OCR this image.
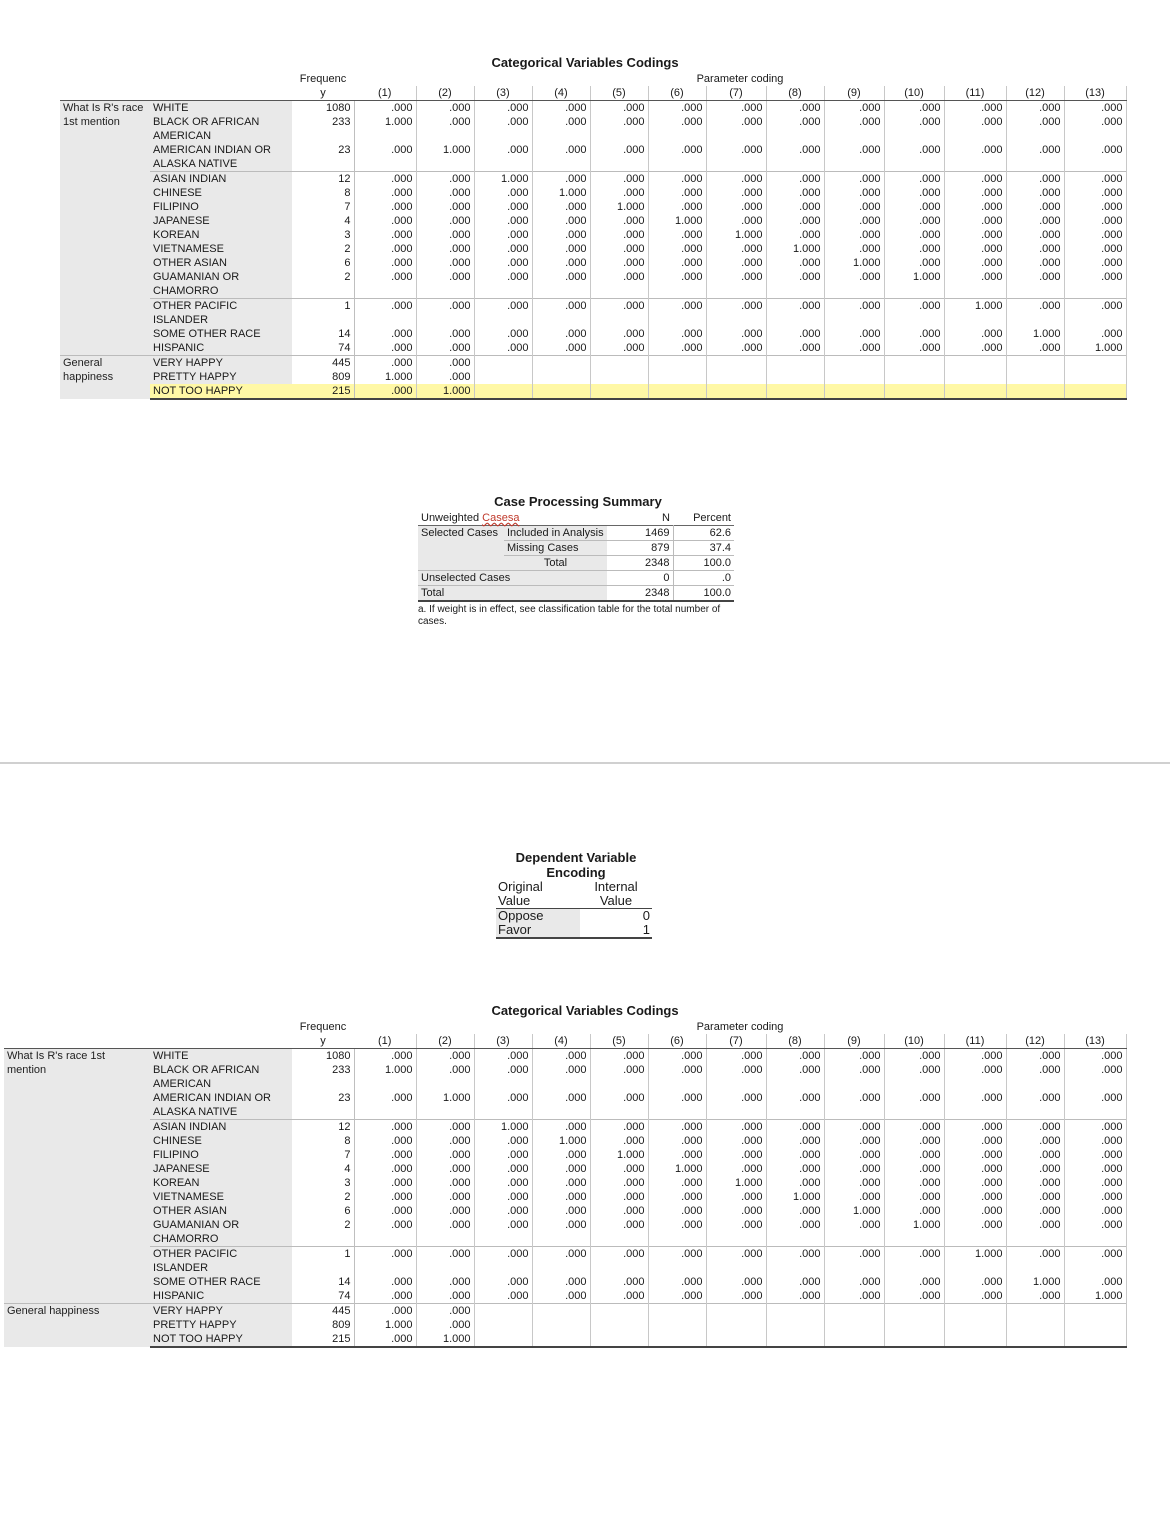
Categorical Variables Codings

		Frequenc
y	Parameter coding												
			(1)	(2)	(3)	(4)	(5)	(6)	(7)	(8)	(9)	(10)	(11)	(12)	(13)
What Is R's race 1st mention	WHITE	1080	.000	.000	.000	.000	.000	.000	.000	.000	.000	.000	.000	.000	.000
	BLACK OR AFRICAN AMERICAN	233	1.000	.000	.000	.000	.000	.000	.000	.000	.000	.000	.000	.000	.000
	AMERICAN INDIAN OR ALASKA NATIVE	23	.000	1.000	.000	.000	.000	.000	.000	.000	.000	.000	.000	.000	.000
	ASIAN INDIAN	12	.000	.000	1.000	.000	.000	.000	.000	.000	.000	.000	.000	.000	.000
	CHINESE	8	.000	.000	.000	1.000	.000	.000	.000	.000	.000	.000	.000	.000	.000
	FILIPINO	7	.000	.000	.000	.000	1.000	.000	.000	.000	.000	.000	.000	.000	.000
	JAPANESE	4	.000	.000	.000	.000	.000	1.000	.000	.000	.000	.000	.000	.000	.000
	KOREAN	3	.000	.000	.000	.000	.000	.000	1.000	.000	.000	.000	.000	.000	.000
	VIETNAMESE	2	.000	.000	.000	.000	.000	.000	.000	1.000	.000	.000	.000	.000	.000
	OTHER ASIAN	6	.000	.000	.000	.000	.000	.000	.000	.000	1.000	.000	.000	.000	.000
	GUAMANIAN OR CHAMORRO	2	.000	.000	.000	.000	.000	.000	.000	.000	.000	1.000	.000	.000	.000
	OTHER PACIFIC ISLANDER	1	.000	.000	.000	.000	.000	.000	.000	.000	.000	.000	1.000	.000	.000
	SOME OTHER RACE	14	.000	.000	.000	.000	.000	.000	.000	.000	.000	.000	.000	1.000	.000
	HISPANIC	74	.000	.000	.000	.000	.000	.000	.000	.000	.000	.000	.000	.000	1.000
General happiness	VERY HAPPY	445	.000	.000											
	PRETTY HAPPY	809	1.000	.000											
	NOT TOO HAPPY	215	.000	1.000											
Case Processing Summary
Unweighted Casesa		N	Percent
Selected Cases	Included in Analysis	1469	62.6
	Missing Cases	879	37.4
	Total	2348	100.0
Unselected Cases		0	.0
Total		2348	100.0
a. If weight is in effect, see classification table for the total number of cases.
Dependent Variable
Encoding
Original Value	Internal Value
Oppose	0
Favor	1
Categorical Variables Codings

		Frequenc
y	Parameter coding												
			(1)	(2)	(3)	(4)	(5)	(6)	(7)	(8)	(9)	(10)	(11)	(12)	(13)
What Is R's race 1st mention	WHITE	1080	.000	.000	.000	.000	.000	.000	.000	.000	.000	.000	.000	.000	.000
	BLACK OR AFRICAN AMERICAN	233	1.000	.000	.000	.000	.000	.000	.000	.000	.000	.000	.000	.000	.000
	AMERICAN INDIAN OR ALASKA NATIVE	23	.000	1.000	.000	.000	.000	.000	.000	.000	.000	.000	.000	.000	.000
	ASIAN INDIAN	12	.000	.000	1.000	.000	.000	.000	.000	.000	.000	.000	.000	.000	.000
	CHINESE	8	.000	.000	.000	1.000	.000	.000	.000	.000	.000	.000	.000	.000	.000
	FILIPINO	7	.000	.000	.000	.000	1.000	.000	.000	.000	.000	.000	.000	.000	.000
	JAPANESE	4	.000	.000	.000	.000	.000	1.000	.000	.000	.000	.000	.000	.000	.000
	KOREAN	3	.000	.000	.000	.000	.000	.000	1.000	.000	.000	.000	.000	.000	.000
	VIETNAMESE	2	.000	.000	.000	.000	.000	.000	.000	1.000	.000	.000	.000	.000	.000
	OTHER ASIAN	6	.000	.000	.000	.000	.000	.000	.000	.000	1.000	.000	.000	.000	.000
	GUAMANIAN OR CHAMORRO	2	.000	.000	.000	.000	.000	.000	.000	.000	.000	1.000	.000	.000	.000
	OTHER PACIFIC ISLANDER	1	.000	.000	.000	.000	.000	.000	.000	.000	.000	.000	1.000	.000	.000
	SOME OTHER RACE	14	.000	.000	.000	.000	.000	.000	.000	.000	.000	.000	.000	1.000	.000
	HISPANIC	74	.000	.000	.000	.000	.000	.000	.000	.000	.000	.000	.000	.000	1.000
General happiness	VERY HAPPY	445	.000	.000											
	PRETTY HAPPY	809	1.000	.000											
	NOT TOO HAPPY	215	.000	1.000											
